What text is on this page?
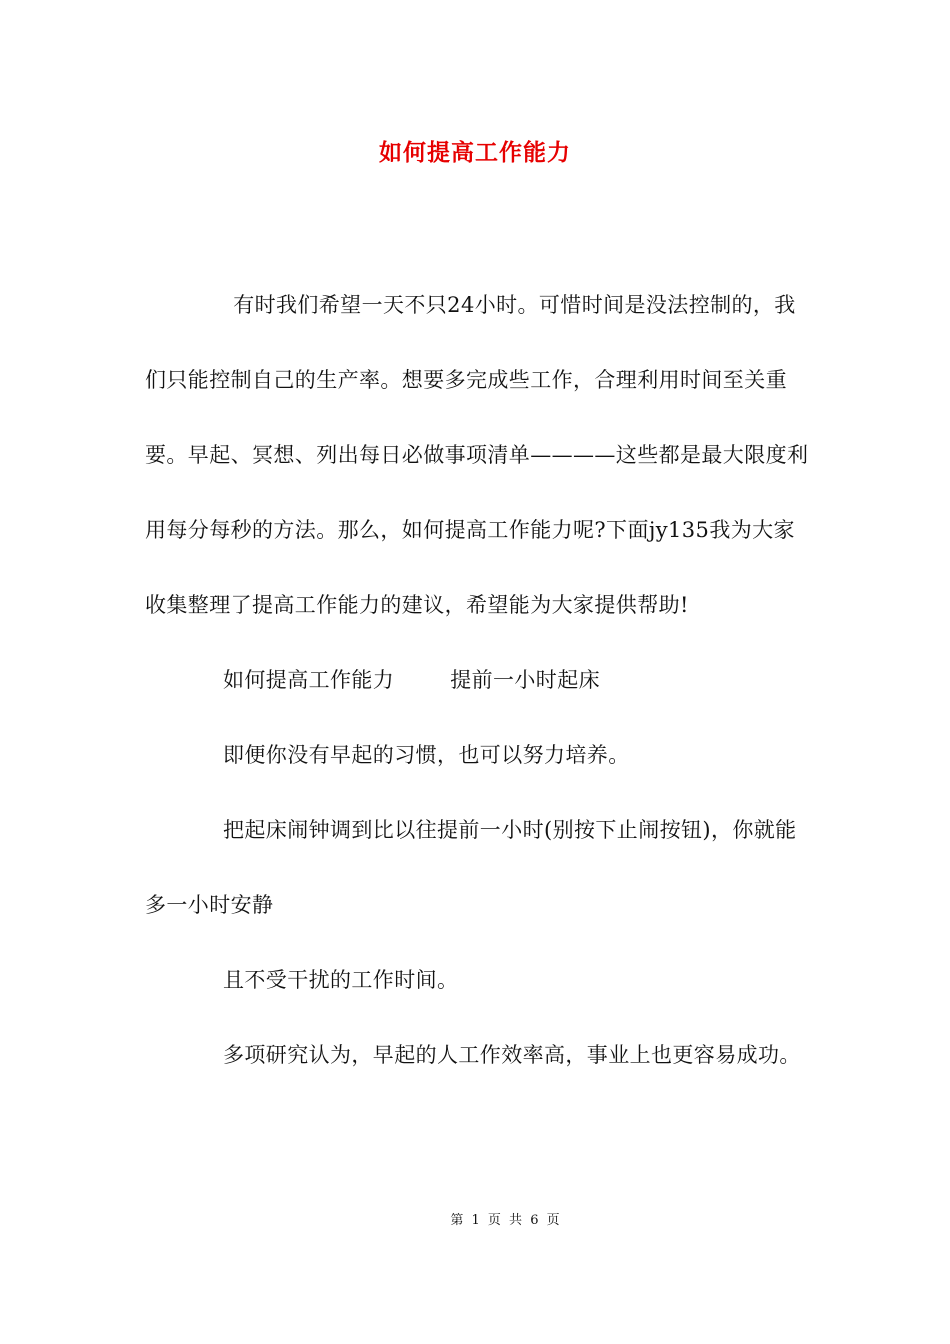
如何提高工作能力

有时我们希望一天不只24小时。可惜时间是没法控制的，我们只能控制自己的生产率。想要多完成些工作，合理利用时间至关重要。早起、冥想、列出每日必做事项清单————这些都是最大限度利用每分每秒的方法。那么，如何提高工作能力呢?下面jy135我为大家收集整理了提高工作能力的建议，希望能为大家提供帮助!

如何提高工作能力	提前一小时起床

即便你没有早起的习惯，也可以努力培养。

把起床闹钟调到比以往提前一小时(别按下止闹按钮)，你就能多一小时安静

且不受干扰的工作时间。

多项研究认为，早起的人工作效率高，事业上也更容易成功。

第 1 页 共 6 页
